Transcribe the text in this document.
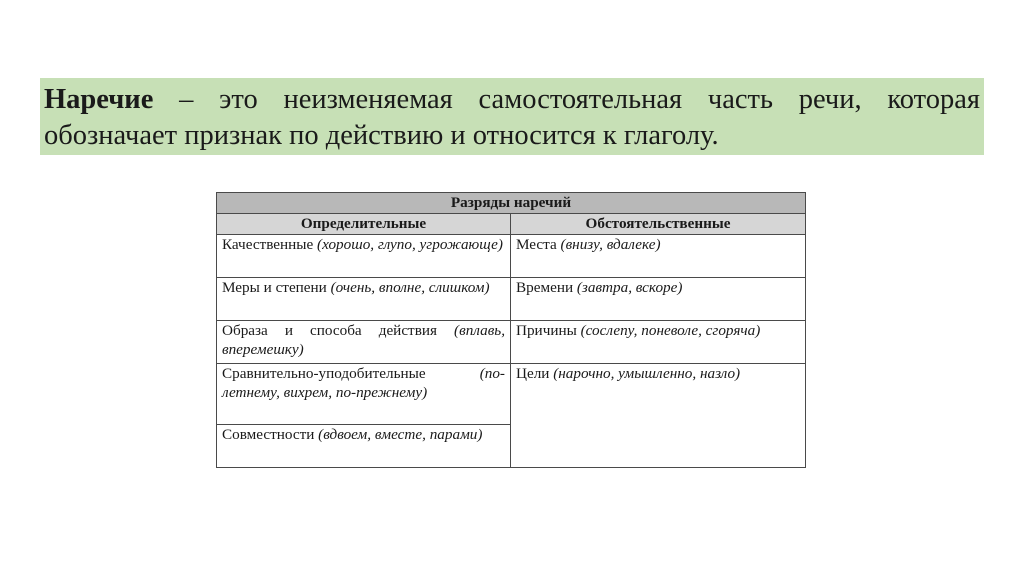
Наречие – это неизменяемая самостоятельная часть речи, которая обозначает признак по действию и относится к глаголу.
Разряды наречий	
Определительные	Обстоятельственные
Качественные (хорошо, глупо, угрожающе)	Места (внизу, вдалеке)
Меры и степени (очень, вполне, слишком)	Времени (завтра, вскоре)
Образа и способа действия (вплавь, вперемешку)	Причины (сослепу, поневоле, сгоряча)
Сравнительно-уподобительные (по-летнему, вихрем, по-прежнему)	Цели (нарочно, умышленно, назло)
Совместности (вдвоем, вместе, парами)	
